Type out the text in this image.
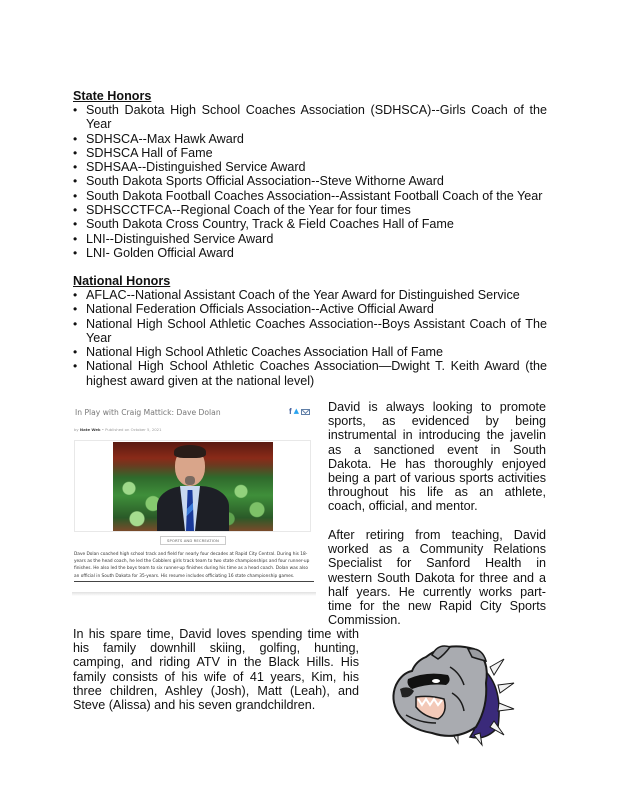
State Honors
• South Dakota High School Coaches Association (SDHSCA)--Girls Coach of the Year
• SDHSCA--Max Hawk Award
• SDHSCA Hall of Fame
• SDHSAA--Distinguished Service Award
• South Dakota Sports Official Association--Steve Withorne Award
• South Dakota Football Coaches Association--Assistant Football Coach of the Year
• SDHSCCTFCA--Regional Coach of the Year for four times
• South Dakota Cross Country, Track & Field Coaches Hall of Fame
• LNI--Distinguished Service Award
• LNI- Golden Official Award
National Honors
• AFLAC--National Assistant Coach of the Year Award for Distinguished Service
• National Federation Officials Association--Active Official Award
• National High School Athletic Coaches Association--Boys Assistant Coach of The Year
• National High School Athletic Coaches Association Hall of Fame
• National High School Athletic Coaches Association—Dwight T. Keith Award (the highest award given at the national level)
In Play with Craig Mattick: Dave Dolan	f ▲
by Nate Wek • Published on October 5, 2021
SPORTS AND RECREATION

Dave Dolan coached high school track and field for nearly four decades at Rapid City Central. During his 18-years as the head coach, he led the Cobblers girls track team to two state championships and four runner-up finishes. He also led the boys team to six runner-up finishes during his time as a head coach. Dolan was also an official in South Dakota for 35-years. His resume includes officiating 16 state championship games.

David is always looking to promote sports, as evidenced by being instrumental in introducing the javelin as a sanctioned event in South Dakota. He has thoroughly enjoyed being a part of various sports activities throughout his life as an athlete, coach, official, and mentor.

After retiring from teaching, David worked as a Community Relations Specialist for Sanford Health in western South Dakota for three and a half years. He currently works part-time for the new Rapid City Sports Commission.

In his spare time, David loves spending time with his family downhill skiing, golfing, hunting, camping, and riding ATV in the Black Hills. His family consists of his wife of 41 years, Kim, his three children, Ashley (Josh), Matt (Leah), and Steve (Alissa) and his seven grandchildren.
